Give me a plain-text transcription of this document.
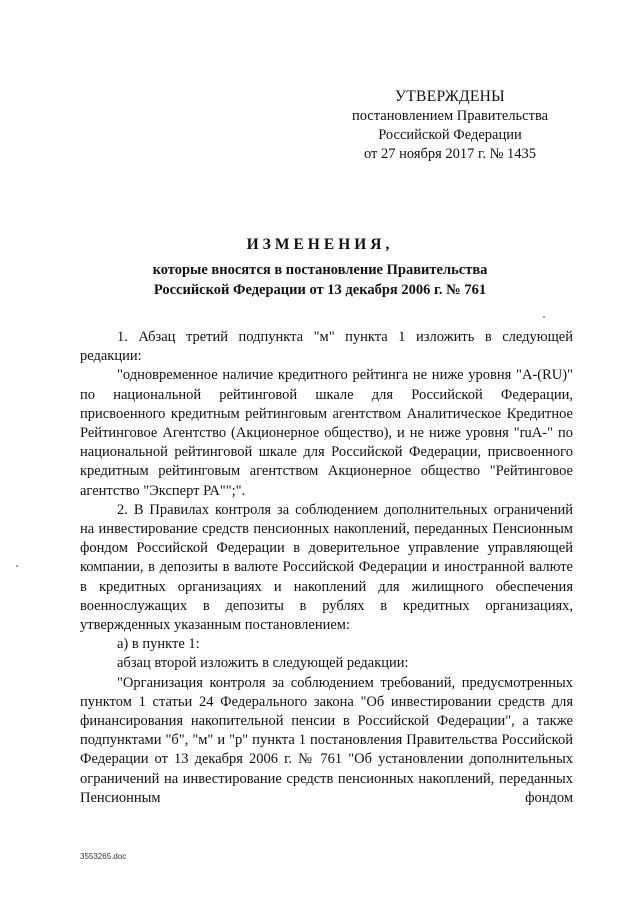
УТВЕРЖДЕНЫ
постановлением Правительства
Российской Федерации
от 27 ноября 2017 г. № 1435
ИЗМЕНЕНИЯ,
которые вносятся в постановление Правительства
Российской Федерации от 13 декабря 2006 г. № 761

1. Абзац третий подпункта "м" пункта 1 изложить в следующей редакции:

"одновременное наличие кредитного рейтинга не ниже уровня "A-(RU)" по национальной рейтинговой шкале для Российской Федерации, присвоенного кредитным рейтинговым агентством Аналитическое Кредитное Рейтинговое Агентство (Акционерное общество), и не ниже уровня "ruA-" по национальной рейтинговой шкале для Российской Федерации, присвоенного кредитным рейтинговым агентством Акционерное общество "Рейтинговое агентство "Эксперт РА"";".

2. В Правилах контроля за соблюдением дополнительных ограничений на инвестирование средств пенсионных накоплений, переданных Пенсионным фондом Российской Федерации в доверительное управление управляющей компании, в депозиты в валюте Российской Федерации и иностранной валюте в кредитных организациях и накоплений для жилищного обеспечения военнослужащих в депозиты в рублях в кредитных организациях, утвержденных указанным постановлением:

а) в пункте 1:

абзац второй изложить в следующей редакции:

"Организация контроля за соблюдением требований, предусмотренных пунктом 1 статьи 24 Федерального закона "Об инвестировании средств для финансирования накопительной пенсии в Российской Федерации", а также подпунктами "б", "м" и "р" пункта 1 постановления Правительства Российской Федерации от 13 декабря 2006 г. № 761 "Об установлении дополнительных ограничений на инвестирование средств пенсионных накоплений, переданных Пенсионным фондом

3553265.doc
